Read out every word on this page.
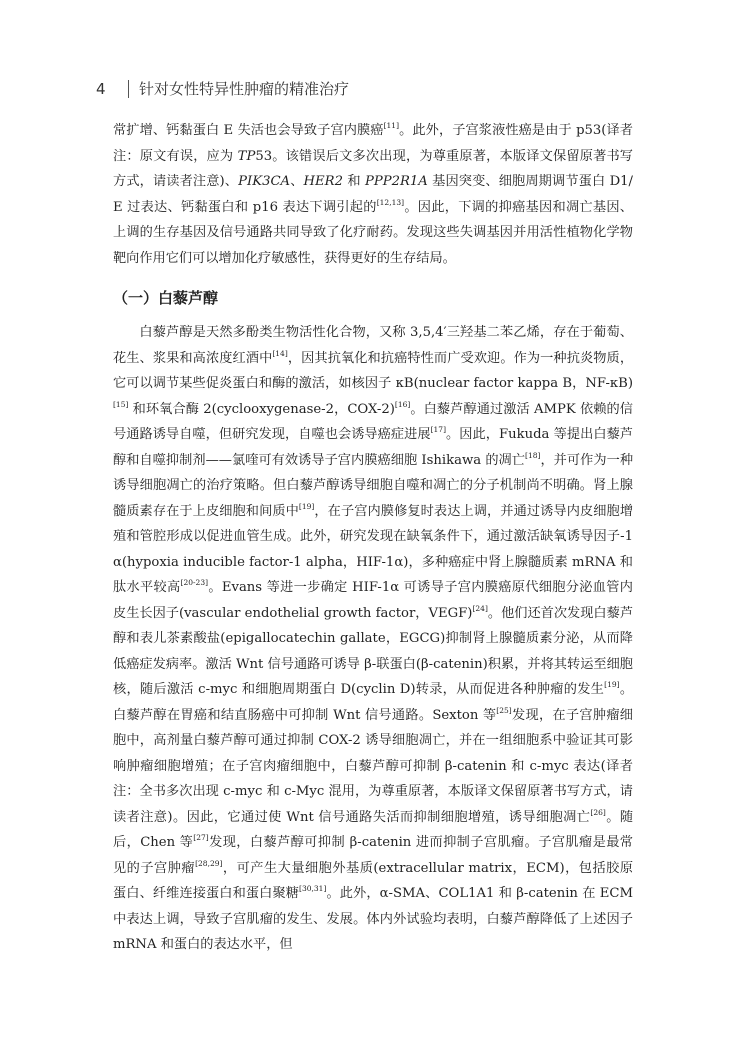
4	针对女性特异性肿瘤的精准治疗

常扩增、钙黏蛋白 E 失活也会导致子宫内膜癌[11]。此外，子宫浆液性癌是由于 p53(译者注：原文有误，应为 TP53。该错误后文多次出现，为尊重原著，本版译文保留原著书写方式，请读者注意)、PIK3CA、HER2 和 PPP2R1A 基因突变、细胞周期调节蛋白 D1/E 过表达、钙黏蛋白和 p16 表达下调引起的[12,13]。因此，下调的抑癌基因和凋亡基因、上调的生存基因及信号通路共同导致了化疗耐药。发现这些失调基因并用活性植物化学物靶向作用它们可以增加化疗敏感性，获得更好的生存结局。

（一）白藜芦醇

白藜芦醇是天然多酚类生物活性化合物，又称 3,5,4′三羟基二苯乙烯，存在于葡萄、花生、浆果和高浓度红酒中[14]，因其抗氧化和抗癌特性而广受欢迎。作为一种抗炎物质，它可以调节某些促炎蛋白和酶的激活，如核因子 κB(nuclear factor kappa B，NF-κB)[15] 和环氧合酶 2(cyclooxygenase-2，COX-2)[16]。白藜芦醇通过激活 AMPK 依赖的信号通路诱导自噬，但研究发现，自噬也会诱导癌症进展[17]。因此，Fukuda 等提出白藜芦醇和自噬抑制剂——氯喹可有效诱导子宫内膜癌细胞 Ishikawa 的凋亡[18]，并可作为一种诱导细胞凋亡的治疗策略。但白藜芦醇诱导细胞自噬和凋亡的分子机制尚不明确。肾上腺髓质素存在于上皮细胞和间质中[19]，在子宫内膜修复时表达上调，并通过诱导内皮细胞增殖和管腔形成以促进血管生成。此外，研究发现在缺氧条件下，通过激活缺氧诱导因子-1α(hypoxia inducible factor-1 alpha，HIF-1α)，多种癌症中肾上腺髓质素 mRNA 和肽水平较高[20-23]。Evans 等进一步确定 HIF-1α 可诱导子宫内膜癌原代细胞分泌血管内皮生长因子(vascular endothelial growth factor，VEGF)[24]。他们还首次发现白藜芦醇和表儿茶素酸盐(epigallocatechin gallate，EGCG)抑制肾上腺髓质素分泌，从而降低癌症发病率。激活 Wnt 信号通路可诱导 β-联蛋白(β-catenin)积累，并将其转运至细胞核，随后激活 c-myc 和细胞周期蛋白 D(cyclin D)转录，从而促进各种肿瘤的发生[19]。白藜芦醇在胃癌和结直肠癌中可抑制 Wnt 信号通路。Sexton 等[25]发现，在子宫肿瘤细胞中，高剂量白藜芦醇可通过抑制 COX-2 诱导细胞凋亡，并在一组细胞系中验证其可影响肿瘤细胞增殖；在子宫肉瘤细胞中，白藜芦醇可抑制 β-catenin 和 c-myc 表达(译者注：全书多次出现 c-myc 和 c-Myc 混用，为尊重原著，本版译文保留原著书写方式，请读者注意)。因此，它通过使 Wnt 信号通路失活而抑制细胞增殖，诱导细胞凋亡[26]。随后，Chen 等[27]发现，白藜芦醇可抑制 β-catenin 进而抑制子宫肌瘤。子宫肌瘤是最常见的子宫肿瘤[28,29]，可产生大量细胞外基质(extracellular matrix，ECM)，包括胶原蛋白、纤维连接蛋白和蛋白聚糖[30,31]。此外，α-SMA、COL1A1 和 β-catenin 在 ECM 中表达上调，导致子宫肌瘤的发生、发展。体内外试验均表明，白藜芦醇降低了上述因子 mRNA 和蛋白的表达水平，但
